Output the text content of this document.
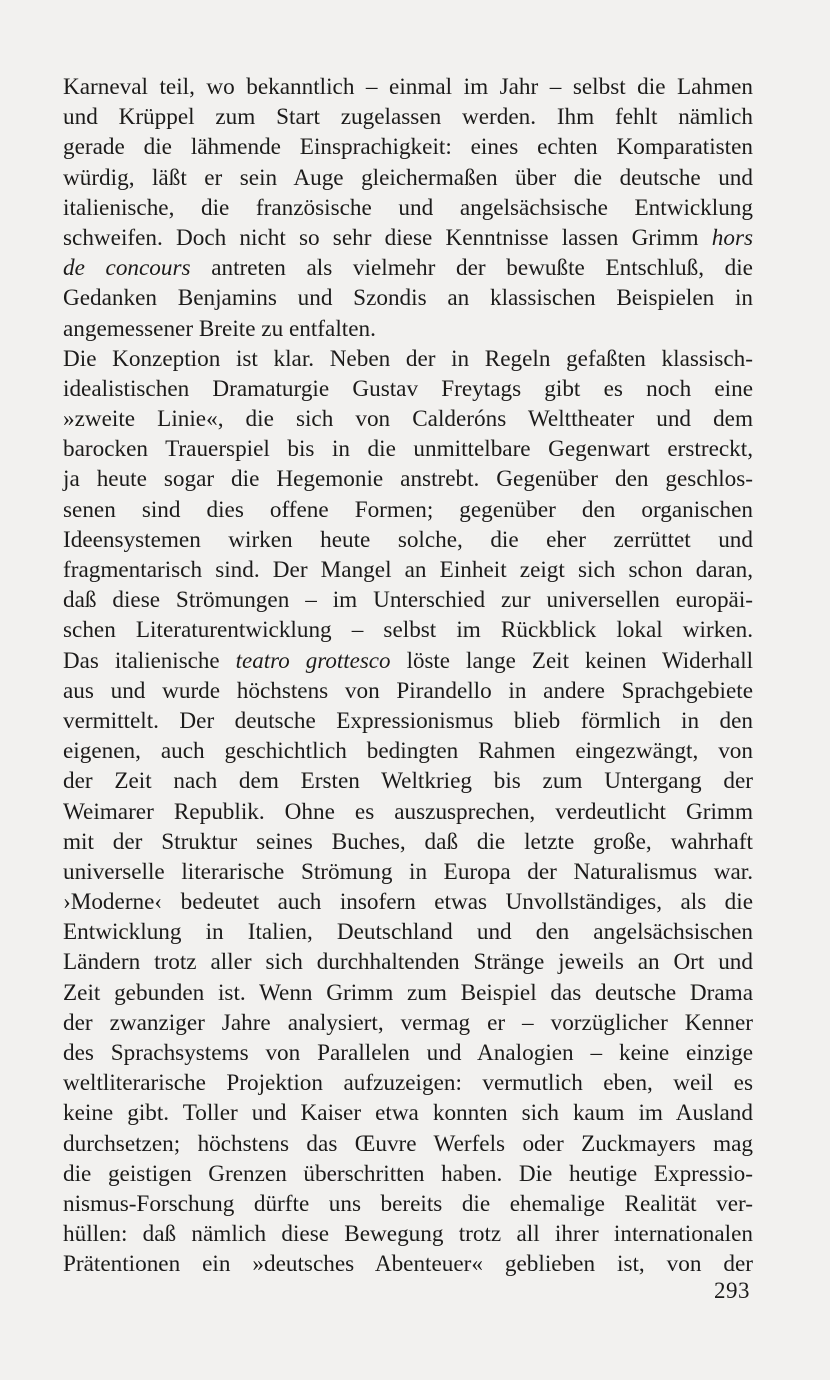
Karneval teil, wo bekanntlich – einmal im Jahr – selbst die Lahmen
und Krüppel zum Start zugelassen werden. Ihm fehlt nämlich
gerade die lähmende Einsprachigkeit: eines echten Komparatisten
würdig, läßt er sein Auge gleichermaßen über die deutsche und
italienische, die französische und angelsächsische Entwicklung
schweifen. Doch nicht so sehr diese Kenntnisse lassen Grimm hors
de concours antreten als vielmehr der bewußte Entschluß, die
Gedanken Benjamins und Szondis an klassischen Beispielen in
angemessener Breite zu entfalten.
Die Konzeption ist klar. Neben der in Regeln gefaßten klassisch-
idealistischen Dramaturgie Gustav Freytags gibt es noch eine
»zweite Linie«, die sich von Calderóns Welttheater und dem
barocken Trauerspiel bis in die unmittelbare Gegenwart erstreckt,
ja heute sogar die Hegemonie anstrebt. Gegenüber den geschlos-
senen sind dies offene Formen; gegenüber den organischen
Ideensystemen wirken heute solche, die eher zerrüttet und
fragmentarisch sind. Der Mangel an Einheit zeigt sich schon daran,
daß diese Strömungen – im Unterschied zur universellen europäi-
schen Literaturentwicklung – selbst im Rückblick lokal wirken.
Das italienische teatro grottesco löste lange Zeit keinen Widerhall
aus und wurde höchstens von Pirandello in andere Sprachgebiete
vermittelt. Der deutsche Expressionismus blieb förmlich in den
eigenen, auch geschichtlich bedingten Rahmen eingezwängt, von
der Zeit nach dem Ersten Weltkrieg bis zum Untergang der
Weimarer Republik. Ohne es auszusprechen, verdeutlicht Grimm
mit der Struktur seines Buches, daß die letzte große, wahrhaft
universelle literarische Strömung in Europa der Naturalismus war.
›Moderne‹ bedeutet auch insofern etwas Unvollständiges, als die
Entwicklung in Italien, Deutschland und den angelsächsischen
Ländern trotz aller sich durchhaltenden Stränge jeweils an Ort und
Zeit gebunden ist. Wenn Grimm zum Beispiel das deutsche Drama
der zwanziger Jahre analysiert, vermag er – vorzüglicher Kenner
des Sprachsystems von Parallelen und Analogien – keine einzige
weltliterarische Projektion aufzuzeigen: vermutlich eben, weil es
keine gibt. Toller und Kaiser etwa konnten sich kaum im Ausland
durchsetzen; höchstens das Œuvre Werfels oder Zuckmayers mag
die geistigen Grenzen überschritten haben. Die heutige Expressio-
nismus-Forschung dürfte uns bereits die ehemalige Realität ver-
hüllen: daß nämlich diese Bewegung trotz all ihrer internationalen
Prätentionen ein »deutsches Abenteuer« geblieben ist, von der
293
